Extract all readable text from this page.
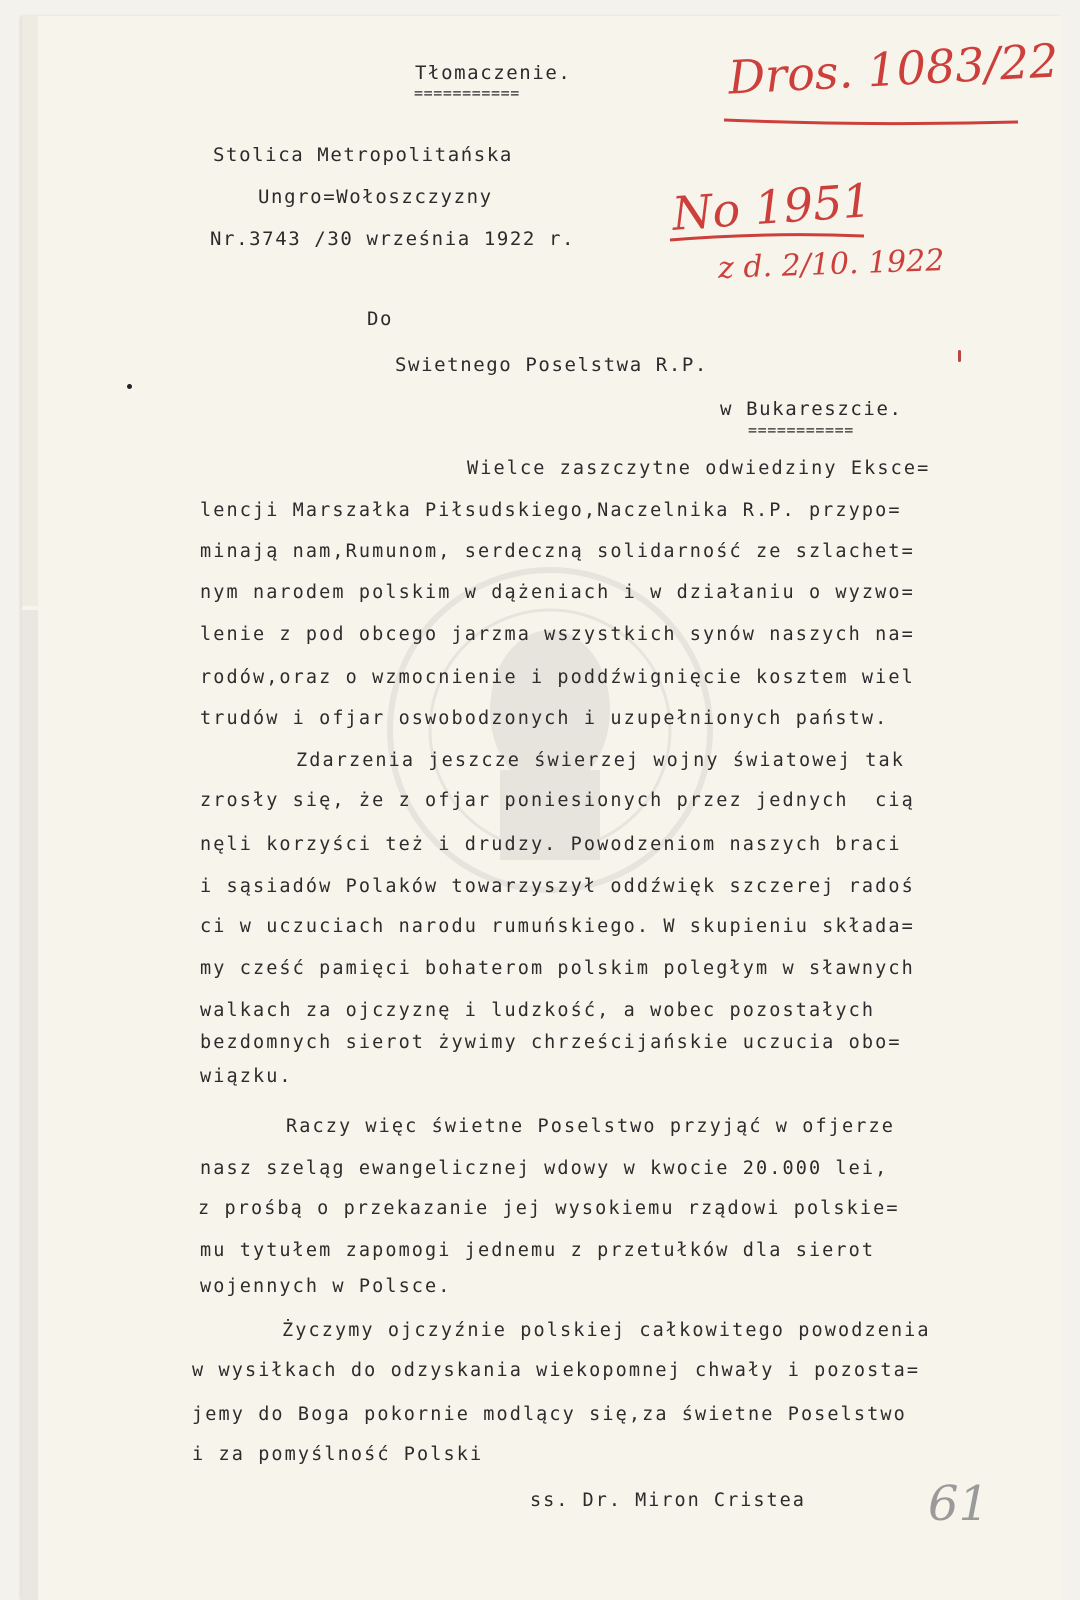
Tłomaczenie.
===========
Stolica Metropolitańska
Ungro=Wołoszczyzny
Nr.3743 /30 września 1922 r.
Dros. 1083/22
No 1951
z d. 2/10. 1922
Do
Swietnego Poselstwa R.P.
w Bukareszcie.
===========
Wielce zaszczytne odwiedziny Ekscе=
lencji Marszałka Piłsudskiego,Naczelnika R.P. przypo=
minają nam,Rumunom, serdeczną solidarność ze szlachet=
nym narodem polskim w dążeniach i w działaniu o wyzwo=
lenie z pod obcego jarzma wszystkich synów naszych na=
rodów,oraz o wzmocnienie i poddźwignięcie kosztem wiel
trudów i ofjar oswobodzonych i uzupełnionych państw.
Zdarzenia jeszcze świerzej wojny światowej tak
zrosły się, że z ofjar poniesionych przez jednych  cią
nęli korzyści też i drudzy. Powodzeniom naszych braci
i sąsiadów Polaków towarzyszył oddźwięk szczerej radoś
ci w uczuciach narodu rumuńskiego. W skupieniu składa=
my cześć pamięci bohaterom polskim poległym w sławnych
walkach za ojczyznę i ludzkość, a wobec pozostałych
bezdomnych sierot żywimy chrześcijańskie uczucia obo=
wiązku.
Raczy więc świetne Poselstwo przyjąć w ofjerze
nasz szeląg ewangelicznej wdowy w kwocie 20.000 lei,
z prośbą o przekazanie jej wysokiemu rządowi polskie=
mu tytułem zapomogi jednemu z przetułków dla sierot
wojennych w Polsce.
Życzymy ojczyźnie polskiej całkowitego powodzenia
w wysiłkach do odzyskania wiekopomnej chwały i pozosta=
jemy do Boga pokornie modlący się,za świetne Poselstwo
i za pomyślność Polski
ss. Dr. Miron Cristea	61
